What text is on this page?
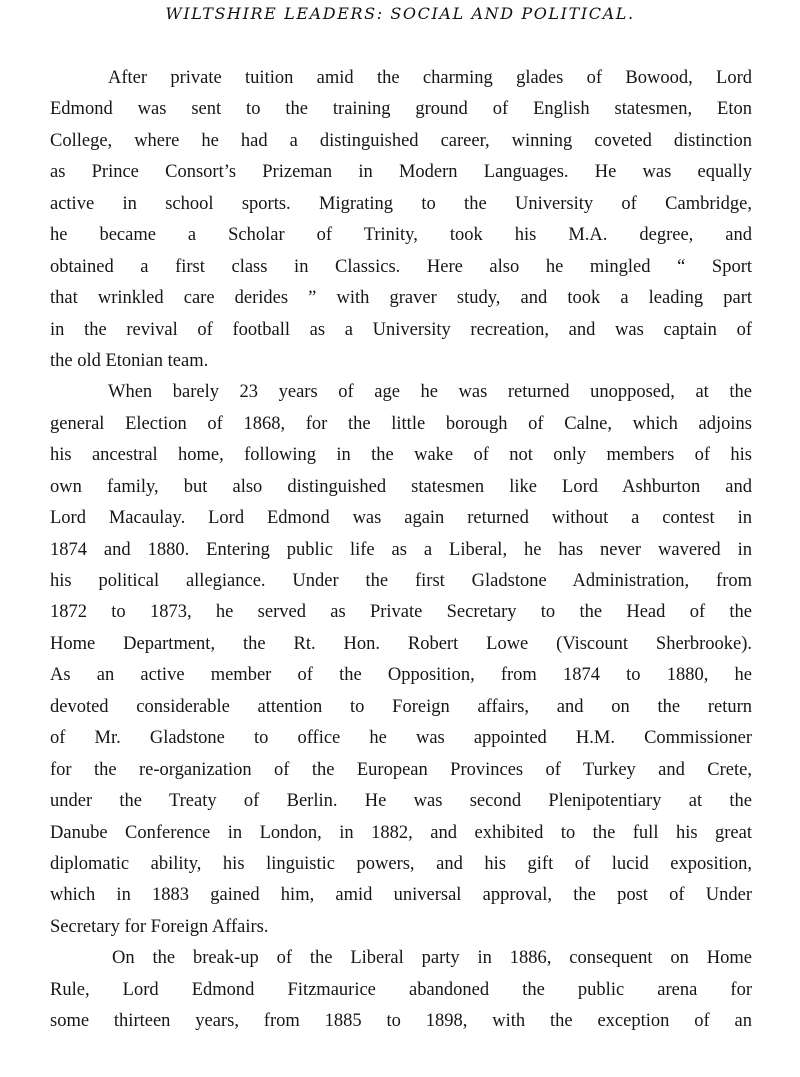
WILTSHIRE LEADERS: SOCIAL AND POLITICAL.
After private tuition amid the charming glades of Bowood, Lord
Edmond was sent to the training ground of English statesmen, Eton
College, where he had a distinguished career, winning coveted distinction
as Prince Consort’s Prizeman in Modern Languages. He was equally
active in school sports. Migrating to the University of Cambridge,
he became a Scholar of Trinity, took his M.A. degree, and
obtained a first class in Classics. Here also he mingled “ Sport
that wrinkled care derides ” with graver study, and took a leading part
in the revival of football as a University recreation, and was captain of
the old Etonian team.
When barely 23 years of age he was returned unopposed, at the
general Election of 1868, for the little borough of Calne, which adjoins
his ancestral home, following in the wake of not only members of his
own family, but also distinguished statesmen like Lord Ashburton and
Lord Macaulay. Lord Edmond was again returned without a contest in
1874 and 1880. Entering public life as a Liberal, he has never wavered in
his political allegiance. Under the first Gladstone Administration, from
1872 to 1873, he served as Private Secretary to the Head of the
Home Department, the Rt. Hon. Robert Lowe (Viscount Sherbrooke).
As an active member of the Opposition, from 1874 to 1880, he
devoted considerable attention to Foreign affairs, and on the return
of Mr. Gladstone to office he was appointed H.M. Commissioner
for the re-organization of the European Provinces of Turkey and Crete,
under the Treaty of Berlin. He was second Plenipotentiary at the
Danube Conference in London, in 1882, and exhibited to the full his great
diplomatic ability, his linguistic powers, and his gift of lucid exposition,
which in 1883 gained him, amid universal approval, the post of Under
Secretary for Foreign Affairs.
On the break-up of the Liberal party in 1886, consequent on Home
Rule, Lord Edmond Fitzmaurice abandoned the public arena for
some thirteen years, from 1885 to 1898, with the exception of an
